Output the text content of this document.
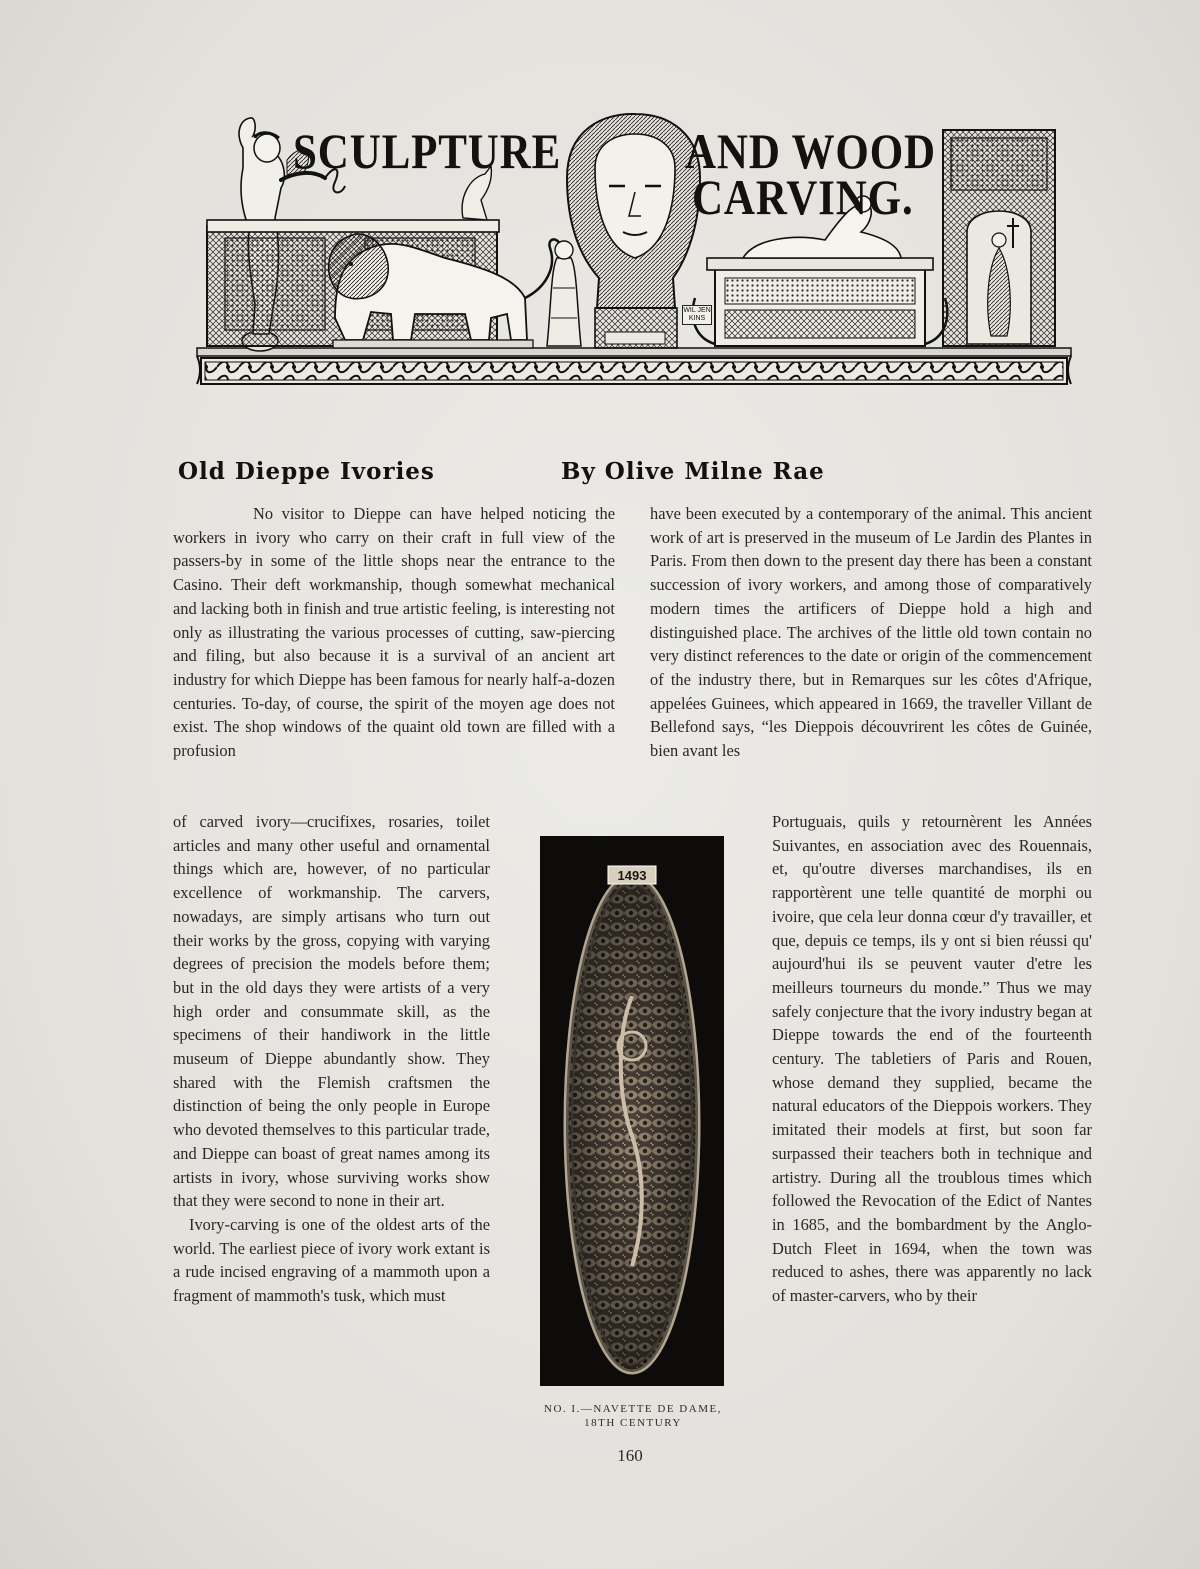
SCULPTURE AND WOOD
CARVING.
WIL JEN KINS
Old Dieppe Ivories	By Olive Milne Rae

No visitor to Dieppe can have helped noticing the workers in ivory who carry on their craft in full view of the passers-by in some of the little shops near the entrance to the Casino. Their deft workmanship, though somewhat mechanical and lacking both in finish and true artistic feeling, is interesting not only as illustrating the various processes of cutting, saw-piercing and filing, but also because it is a survival of an ancient art industry for which Dieppe has been famous for nearly half-a-dozen centuries. To-day, of course, the spirit of the moyen age does not exist. The shop windows of the quaint old town are filled with a profusion

of carved ivory—crucifixes, rosaries, toilet articles and many other useful and ornamental things which are, however, of no particular excellence of workmanship. The carvers, nowadays, are simply artisans who turn out their works by the gross, copying with varying degrees of precision the models before them; but in the old days they were artists of a very high order and consummate skill, as the specimens of their handiwork in the little museum of Dieppe abundantly show. They shared with the Flemish craftsmen the distinction of being the only people in Europe who devoted themselves to this particular trade, and Dieppe can boast of great names among its artists in ivory, whose surviving works show that they were second to none in their art.

Ivory-carving is one of the oldest arts of the world. The earliest piece of ivory work extant is a rude incised engraving of a mammoth upon a fragment of mammoth's tusk, which must

have been executed by a contemporary of the animal. This ancient work of art is preserved in the museum of Le Jardin des Plantes in Paris. From then down to the present day there has been a constant succession of ivory workers, and among those of comparatively modern times the artificers of Dieppe hold a high and distinguished place. The archives of the little old town contain no very distinct references to the date or origin of the commencement of the industry there, but in Remarques sur les côtes d'Afrique, appelées Guinees, which appeared in 1669, the traveller Villant de Bellefond says, “les Dieppois découvrirent les côtes de Guinée, bien avant les

Portuguais, quils y retournèrent les Années Suivantes, en association avec des Rouennais, et, qu'outre diverses marchandises, ils en rapportèrent une telle quantité de morphi ou ivoire, que cela leur donna cœur d'y travailler, et que, depuis ce temps, ils y ont si bien réussi qu' aujourd'hui ils se peuvent vauter d'etre les meilleurs tourneurs du monde.” Thus we may safely conjecture that the ivory industry began at Dieppe towards the end of the fourteenth century. The tabletiers of Paris and Rouen, whose demand they supplied, became the natural educators of the Dieppois workers. They imitated their models at first, but soon far surpassed their teachers both in technique and artistry. During all the troublous times which followed the Revocation of the Edict of Nantes in 1685, and the bombardment by the Anglo-Dutch Fleet in 1694, when the town was reduced to ashes, there was apparently no lack of master-carvers, who by their

1493
NO. I.—NAVETTE DE DAME,
18TH CENTURY
160
